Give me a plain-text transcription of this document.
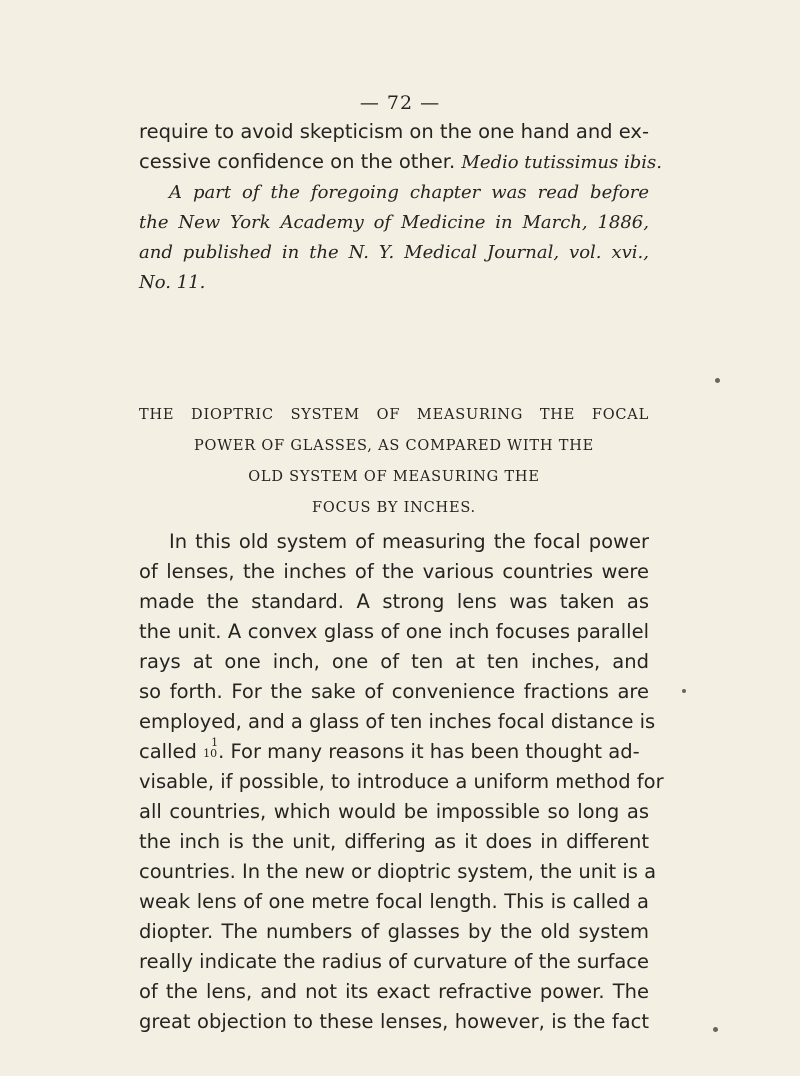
— 72 —
require to avoid skepticism on the one hand and ex-
cessive confidence on the other. Medio tutissimus ibis.
A part of the foregoing chapter was read before
the New York Academy of Medicine in March, 1886,
and published in the N. Y. Medical Journal, vol. xvi.,
No. 11.
THE DIOPTRIC SYSTEM OF MEASURING THE FOCAL
POWER OF GLASSES, AS COMPARED WITH THE
OLD SYSTEM OF MEASURING THE
FOCUS BY INCHES.
In this old system of measuring the focal power
of lenses, the inches of the various countries were
made the standard. A strong lens was taken as
the unit. A convex glass of one inch focuses parallel
rays at one inch, one of ten at ten inches, and
so forth. For the sake of convenience fractions are
employed, and a glass of ten inches focal distance is
called	1
10 . For many reasons it has been thought ad-
visable, if possible, to introduce a uniform method for
all countries, which would be impossible so long as
the inch is the unit, differing as it does in different
countries. In the new or dioptric system, the unit is a
weak lens of one metre focal length. This is called a
diopter. The numbers of glasses by the old system
really indicate the radius of curvature of the surface
of the lens, and not its exact refractive power. The
great objection to these lenses, however, is the fact
